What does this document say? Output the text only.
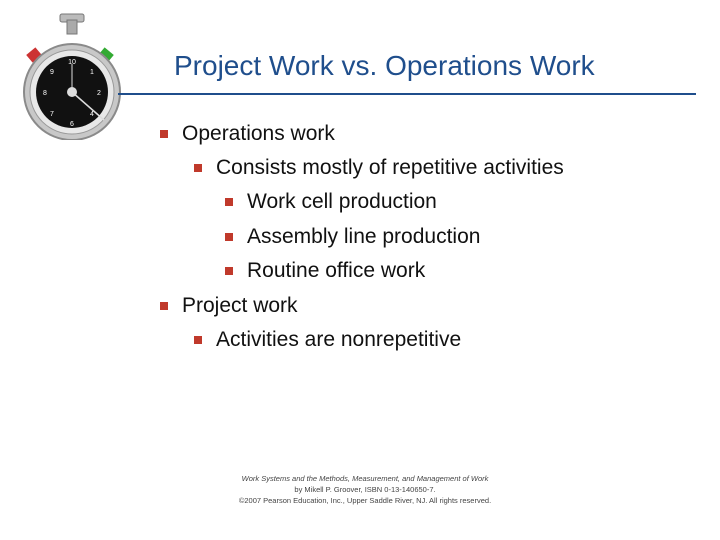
10
2
6
8
1
9
4
7
Project Work vs. Operations Work
Operations work
Consists mostly of repetitive activities
Work cell production
Assembly line production
Routine office work
Project work
Activities are nonrepetitive
Work Systems and the Methods, Measurement, and Management of Work
by Mikell P. Groover, ISBN 0-13-140650-7.
©2007 Pearson Education, Inc., Upper Saddle River, NJ. All rights reserved.
